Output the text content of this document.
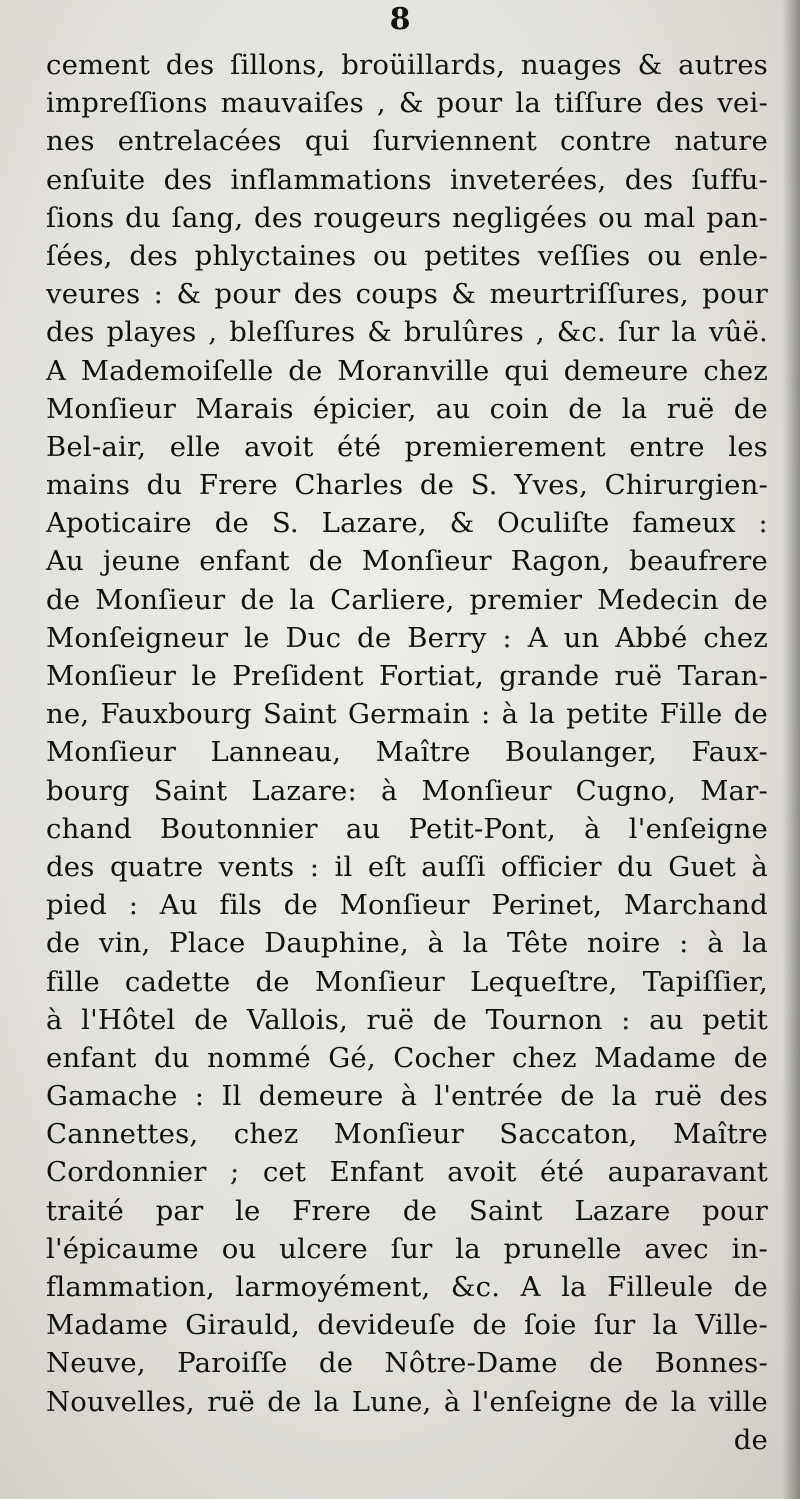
8
cement des ſillons, broüillards, nuages & autres
impreſſions mauvaiſes , & pour la tiſſure des vei-
nes entrelacées qui ſurviennent contre nature
enſuite des inflammations inveterées, des ſuffu-
ſions du ſang, des rougeurs negligées ou mal pan-
ſées, des phlyctaines ou petites veſſies ou enle-
veures : & pour des coups & meurtriſſures, pour
des playes , bleſſures & brulûres , &c. ſur la vûë.
A Mademoiſelle de Moranville qui demeure chez
Monſieur Marais épicier, au coin de la ruë de
Bel-air, elle avoit été premierement entre les
mains du Frere Charles de S. Yves, Chirurgien-
Apoticaire de S. Lazare, & Oculiſte fameux :
Au jeune enfant de Monſieur Ragon, beaufrere
de Monſieur de la Carliere, premier Medecin de
Monſeigneur le Duc de Berry : A un Abbé chez
Monſieur le Preſident Fortiat, grande ruë Taran-
ne, Fauxbourg Saint Germain : à la petite Fille de
Monſieur Lanneau, Maître Boulanger, Faux-
bourg Saint Lazare: à Monſieur Cugno, Mar-
chand Boutonnier au Petit-Pont, à l'enſeigne
des quatre vents : il eſt auſſi officier du Guet à
pied : Au fils de Monſieur Perinet, Marchand
de vin, Place Dauphine, à la Tête noire : à la
fille cadette de Monſieur Lequeſtre, Tapiſſier,
à l'Hôtel de Vallois, ruë de Tournon : au petit
enfant du nommé Gé, Cocher chez Madame de
Gamache : Il demeure à l'entrée de la ruë des
Cannettes, chez Monſieur Saccaton, Maître
Cordonnier ; cet Enfant avoit été auparavant
traité par le Frere de Saint Lazare pour
l'épicaume ou ulcere ſur la prunelle avec in-
flammation, larmoyément, &c. A la Filleule de
Madame Girauld, devideuſe de ſoie ſur la Ville-
Neuve, Paroiſſe de Nôtre-Dame de Bonnes-
Nouvelles, ruë de la Lune, à l'enſeigne de la ville
de
